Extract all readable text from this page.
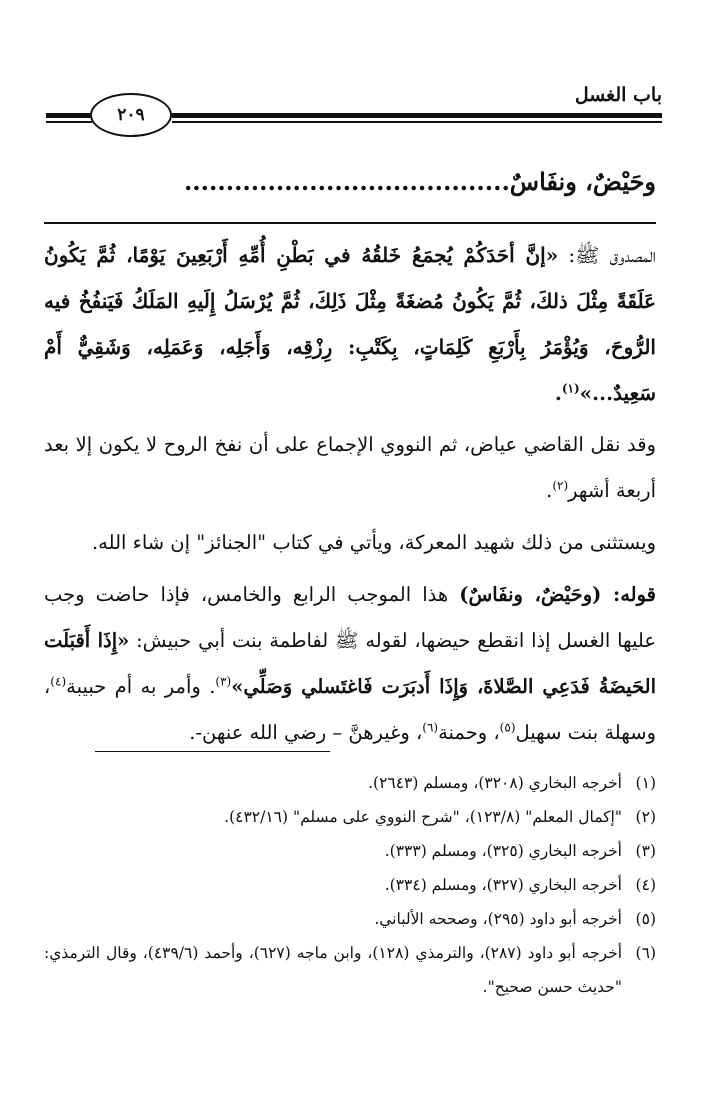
باب الغسل
٢٠٩
وحَيْضٌ، ونفَاسٌ.......................................

المصدوق ﷺ: «إنَّ أحَدَكُمْ يُجمَعُ خَلقُهُ في بَطْنِ أُمِّهِ أَرْبَعِينَ يَوْمًا، ثُمَّ يَكُونُ عَلَقَةً مِثْلَ ذلكَ، ثُمَّ يَكُونُ مُضغَةً مِثْلَ ذَلِكَ، ثُمَّ يُرْسَلُ إِلَيهِ المَلَكُ فَيَنفُخُ فيه الرُّوحَ، وَيُؤْمَرُ بِأَرْبَعِ كَلِمَاتٍ، بِكَتْبِ: رِزْقِه، وَأَجَلِه، وَعَمَلِه، وَشَقِيٌّ أَمْ سَعِيدٌ...»$^{(١)}$.

وقد نقل القاضي عياض، ثم النووي الإجماع على أن نفخ الروح لا يكون إلا بعد أربعة أشهر$^{(٢)}$.

ويستثنى من ذلك شهيد المعركة، ويأتي في كتاب "الجنائز" إن شاء الله.

قوله: (وحَيْضٌ، ونفَاسٌ) هذا الموجب الرابع والخامس، فإذا حاضت وجب عليها الغسل إذا انقطع حيضها، لقوله ﷺ لفاطمة بنت أبي حبيش: «إِذَا أَقبَلَت الحَيضَةُ فَدَعِي الصَّلاةَ، وَإِذَا أَدبَرَت فَاغتَسلي وَصَلِّي»$^{(٣)}$. وأمر به أم حبيبة$^{(٤)}$، وسهلة بنت سهيل$^{(٥)}$، وحمنة$^{(٦)}$، وغيرهنَّ – رضي الله عنهن-.

(١)
أخرجه البخاري (٣٢٠٨)، ومسلم (٢٦٤٣).
(٢)
"إكمال المعلم" (١٢٣/٨)، "شرح النووي على مسلم" (٤٣٢/١٦).
(٣)
أخرجه البخاري (٣٢٥)، ومسلم (٣٣٣).
(٤)
أخرجه البخاري (٣٢٧)، ومسلم (٣٣٤).
(٥)
أخرجه أبو داود (٢٩٥)، وصححه الألباني.
(٦)
أخرجه أبو داود (٢٨٧)، والترمذي (١٢٨)، وابن ماجه (٦٢٧)، وأحمد (٤٣٩/٦)، وقال الترمذي: "حديث حسن صحيح".
